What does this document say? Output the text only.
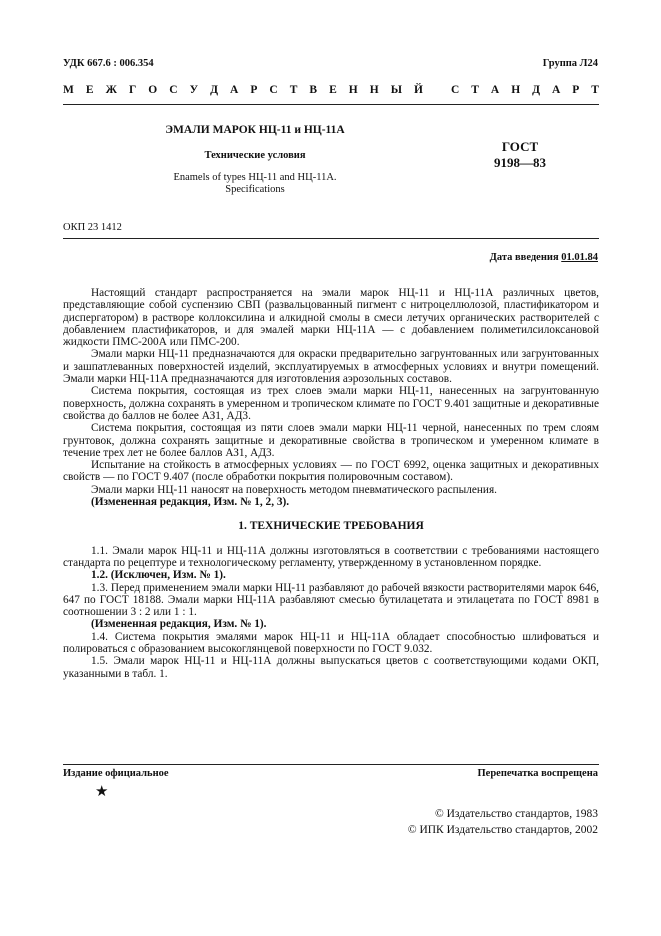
УДК 667.6 : 006.354	Группа Л24
М Е Ж Г О С У Д А Р С Т В Е Н Н Ы Й С Т А Н Д А Р Т
ЭМАЛИ МАРОК НЦ-11 и НЦ-11А
Технические условия
Enamels of types НЦ-11 and НЦ-11А.
Specifications
ГОСТ
9198—83
ОКП 23 1412
Дата введения 01.01.84

Настоящий стандарт распространяется на эмали марок НЦ-11 и НЦ-11А различных цветов, представляющие собой суспензию СВП (развальцованный пигмент с нитроцеллюлозой, пластификатором и диспергатором) в растворе коллоксилина и алкидной смолы в смеси летучих органических растворителей с добавлением пластификаторов, и для эмалей марки НЦ-11А — с добавлением полиметилсилоксановой жидкости ПМС-200А или ПМС-200.

Эмали марки НЦ-11 предназначаются для окраски предварительно загрунтованных или загрунтованных и зашпатлеванных поверхностей изделий, эксплуатируемых в атмосферных условиях и внутри помещений. Эмали марки НЦ-11А предназначаются для изготовления аэрозольных составов.

Система покрытия, состоящая из трех слоев эмали марки НЦ-11, нанесенных на загрунтованную поверхность, должна сохранять в умеренном и тропическом климате по ГОСТ 9.401 защитные и декоративные свойства до баллов не более АЗ1, АД3.

Система покрытия, состоящая из пяти слоев эмали марки НЦ-11 черной, нанесенных по трем слоям грунтовок, должна сохранять защитные и декоративные свойства в тропическом и умеренном климате в течение трех лет не более баллов АЗ1, АД3.

Испытание на стойкость в атмосферных условиях — по ГОСТ 6992, оценка защитных и декоративных свойств — по ГОСТ 9.407 (после обработки покрытия полировочным составом).

Эмали марки НЦ-11 наносят на поверхность методом пневматического распыления.

(Измененная редакция, Изм. № 1, 2, 3).

1. ТЕХНИЧЕСКИЕ ТРЕБОВАНИЯ

1.1. Эмали марок НЦ-11 и НЦ-11А должны изготовляться в соответствии с требованиями настоящего стандарта по рецептуре и технологическому регламенту, утвержденному в установленном порядке.

1.2. (Исключен, Изм. № 1).

1.3. Перед применением эмали марки НЦ-11 разбавляют до рабочей вязкости растворителями марок 646, 647 по ГОСТ 18188. Эмали марки НЦ-11А разбавляют смесью бутилацетата и этилацетата по ГОСТ 8981 в соотношении 3 : 2 или 1 : 1.

(Измененная редакция, Изм. № 1).

1.4. Система покрытия эмалями марок НЦ-11 и НЦ-11А обладает способностью шлифоваться и полироваться с образованием высокоглянцевой поверхности по ГОСТ 9.032.

1.5. Эмали марок НЦ-11 и НЦ-11А должны выпускаться цветов с соответствующими кодами ОКП, указанными в табл. 1.

Издание официальное	Перепечатка воспрещена
★
© Издательство стандартов, 1983
© ИПК Издательство стандартов, 2002
